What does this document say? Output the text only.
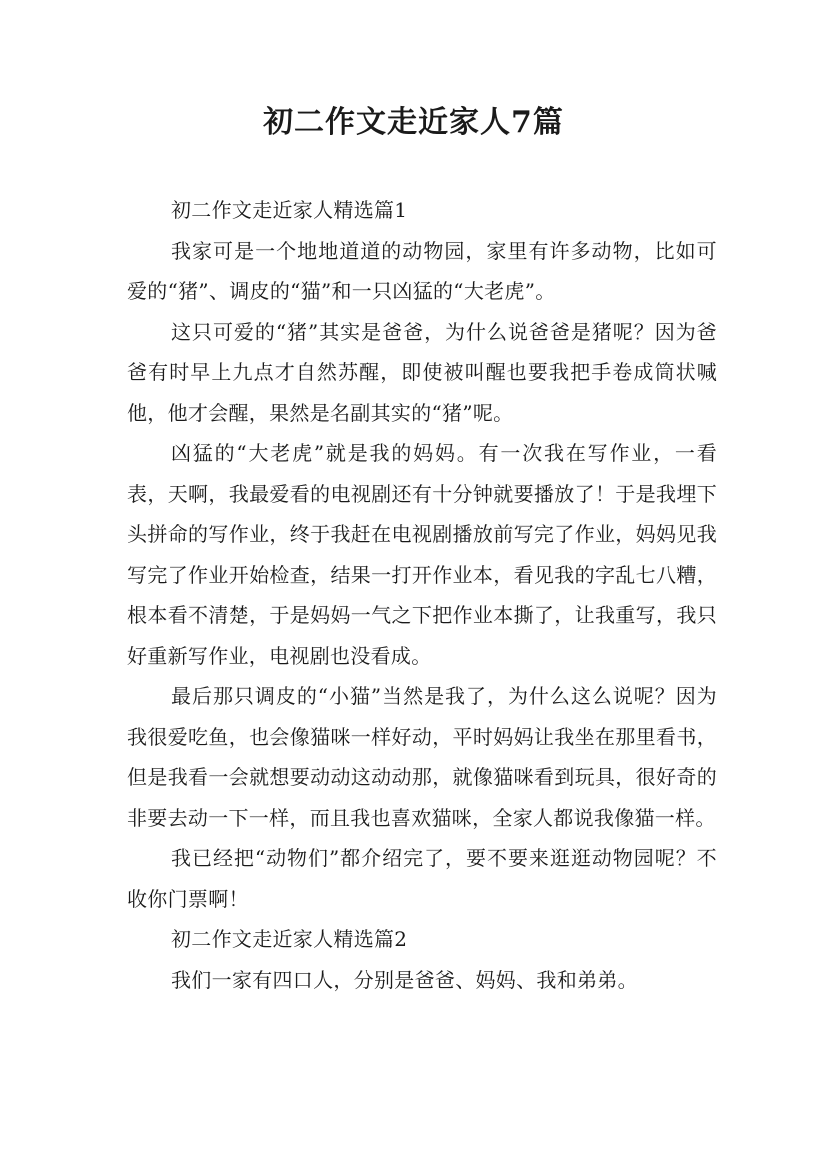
初二作文走近家人7篇

初二作文走近家人精选篇1

我家可是一个地地道道的动物园，家里有许多动物，比如可爱的“猪”、调皮的“猫”和一只凶猛的“大老虎”。

这只可爱的“猪”其实是爸爸，为什么说爸爸是猪呢？因为爸爸有时早上九点才自然苏醒，即使被叫醒也要我把手卷成筒状喊他，他才会醒，果然是名副其实的“猪”呢。

凶猛的“大老虎”就是我的妈妈。有一次我在写作业，一看表，天啊，我最爱看的电视剧还有十分钟就要播放了！于是我埋下头拼命的写作业，终于我赶在电视剧播放前写完了作业，妈妈见我写完了作业开始检查，结果一打开作业本，看见我的字乱七八糟，根本看不清楚，于是妈妈一气之下把作业本撕了，让我重写，我只好重新写作业，电视剧也没看成。

最后那只调皮的“小猫”当然是我了，为什么这么说呢？因为我很爱吃鱼，也会像猫咪一样好动，平时妈妈让我坐在那里看书，但是我看一会就想要动动这动动那，就像猫咪看到玩具，很好奇的非要去动一下一样，而且我也喜欢猫咪，全家人都说我像猫一样。

我已经把“动物们”都介绍完了，要不要来逛逛动物园呢？不收你门票啊！

初二作文走近家人精选篇2

我们一家有四口人，分别是爸爸、妈妈、我和弟弟。
